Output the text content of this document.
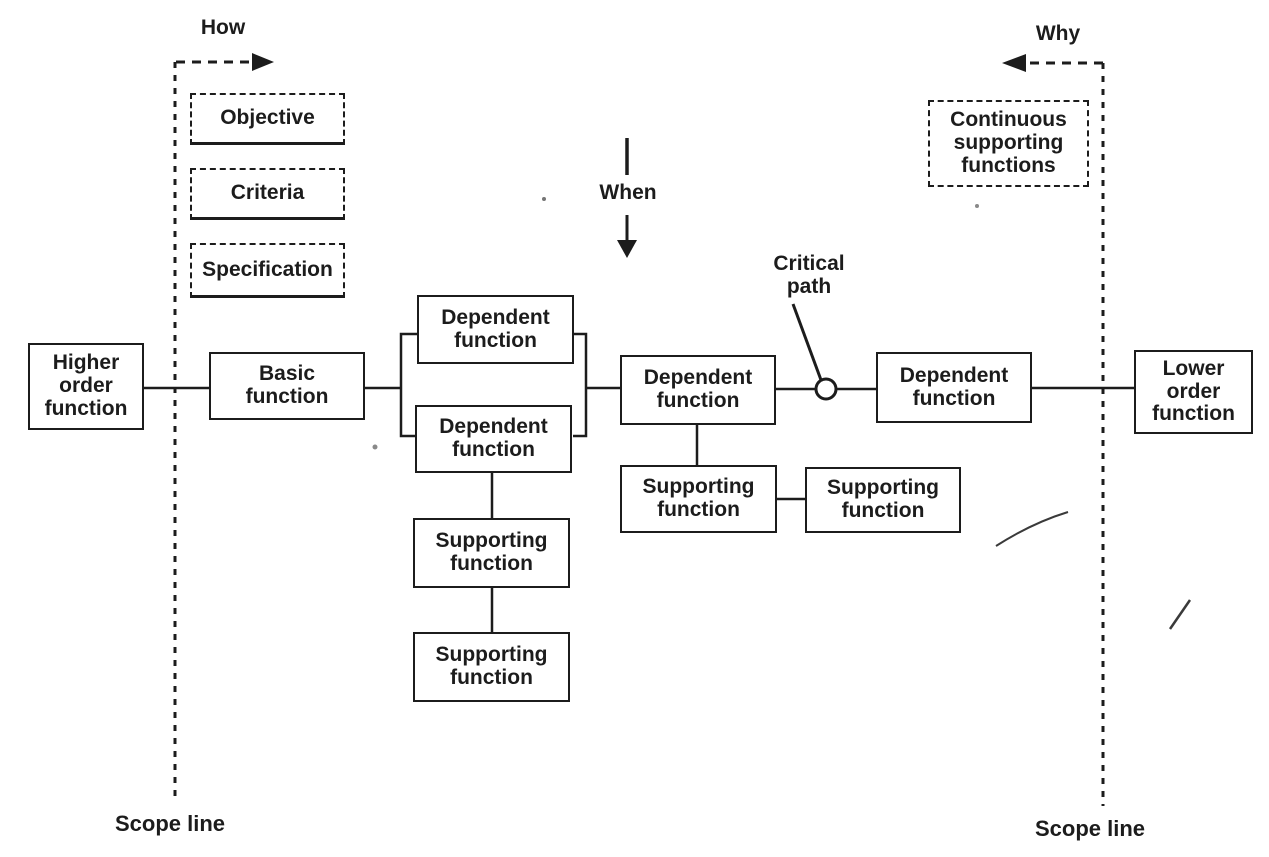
How	Why
When
Critical path
Objective
Criteria
Specification
Continuous supporting functions
Higher order function
Basic function
Dependent function
Dependent function
Dependent function
Dependent function
Lower order function
Supporting function
Supporting function
Supporting function
Supporting function
Scope line	Scope line
